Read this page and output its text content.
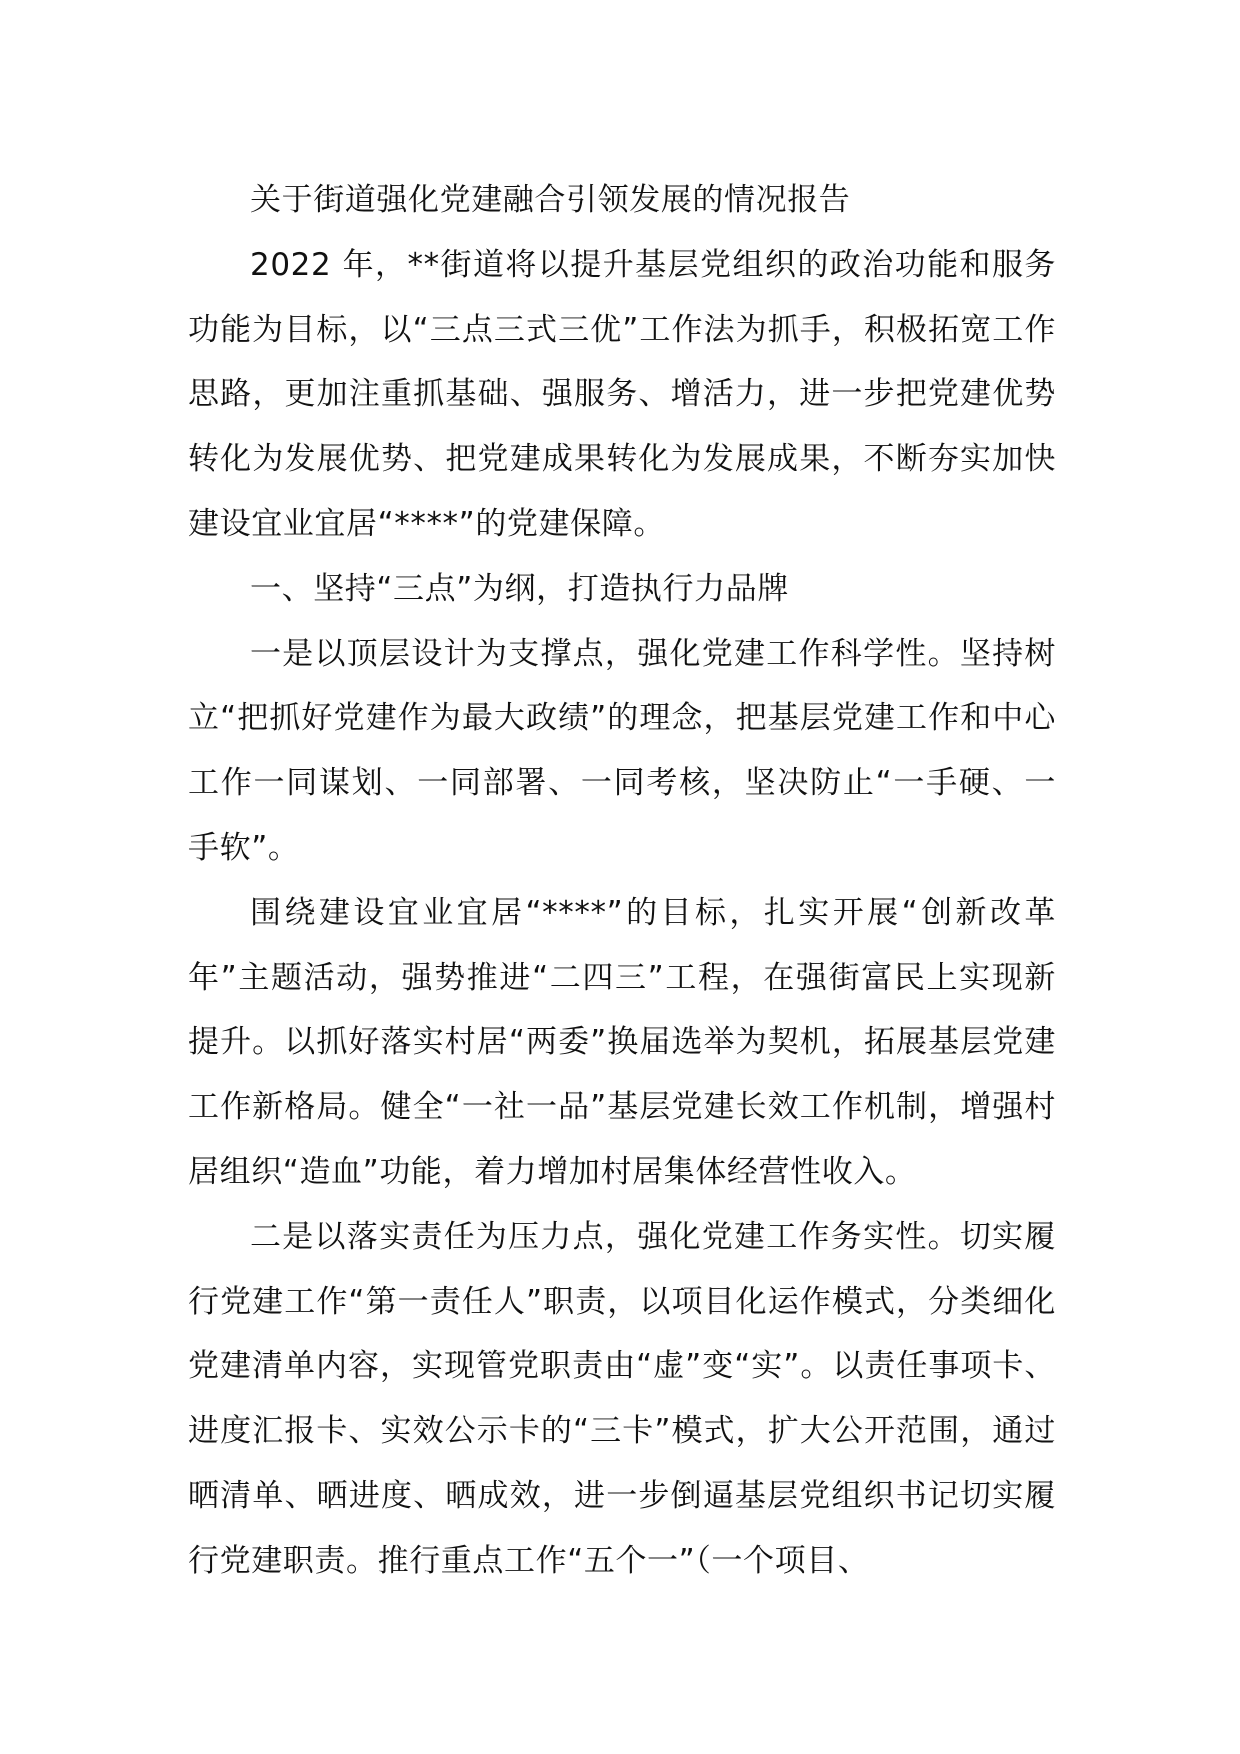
关于街道强化党建融合引领发展的情况报告

2022 年，**街道将以提升基层党组织的政治功能和服务功能为目标，以“三点三式三优”工作法为抓手，积极拓宽工作思路，更加注重抓基础、强服务、增活力，进一步把党建优势转化为发展优势、把党建成果转化为发展成果，不断夯实加快建设宜业宜居“****”的党建保障。

一、坚持“三点”为纲，打造执行力品牌

一是以顶层设计为支撑点，强化党建工作科学性。坚持树立“把抓好党建作为最大政绩”的理念，把基层党建工作和中心工作一同谋划、一同部署、一同考核，坚决防止“一手硬、一手软”。

围绕建设宜业宜居“****”的目标，扎实开展“创新改革年”主题活动，强势推进“二四三”工程，在强街富民上实现新提升。以抓好落实村居“两委”换届选举为契机，拓展基层党建工作新格局。健全“一社一品”基层党建长效工作机制，增强村居组织“造血”功能，着力增加村居集体经营性收入。

二是以落实责任为压力点，强化党建工作务实性。切实履行党建工作“第一责任人”职责，以项目化运作模式，分类细化党建清单内容，实现管党职责由“虚”变“实”。以责任事项卡、进度汇报卡、实效公示卡的“三卡”模式，扩大公开范围，通过晒清单、晒进度、晒成效，进一步倒逼基层党组织书记切实履行党建职责。推行重点工作“五个一”（一个项目、
